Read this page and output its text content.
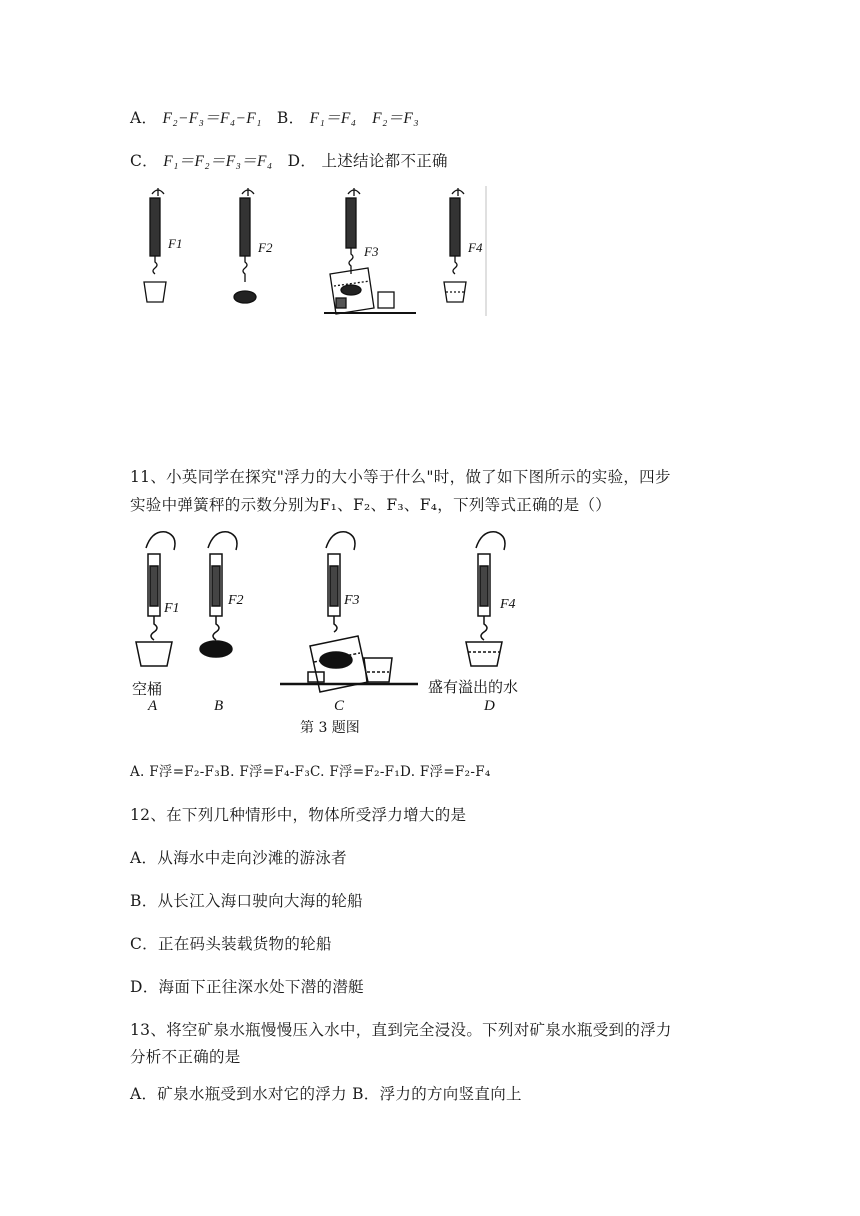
A． F₂−F₃＝F₄−F₁ B． F₁＝F₄　F₂＝F₃
C． F₁＝F₂＝F₃＝F₄ D． 上述结论都不正确
F1	F2	F3	F4
11、小英同学在探究"浮力的大小等于什么"时，做了如下图所示的实验，四步
实验中弹簧秤的示数分别为F₁、F₂、F₃、F₄，下列等式正确的是（）
F1
F2	F3	F4
空桶	盛有溢出的水
A	B	C	D
第 3 题图
A. F浮=F₂-F₃B. F浮=F₄-F₃C. F浮=F₂-F₁D. F浮=F₂-F₄
12、在下列几种情形中，物体所受浮力增大的是
A．从海水中走向沙滩的游泳者
B．从长江入海口驶向大海的轮船
C．正在码头装载货物的轮船
D．海面下正往深水处下潜的潜艇
13、将空矿泉水瓶慢慢压入水中，直到完全浸没。下列对矿泉水瓶受到的浮力
分析不正确的是
A．矿泉水瓶受到水对它的浮力 B．浮力的方向竖直向上
